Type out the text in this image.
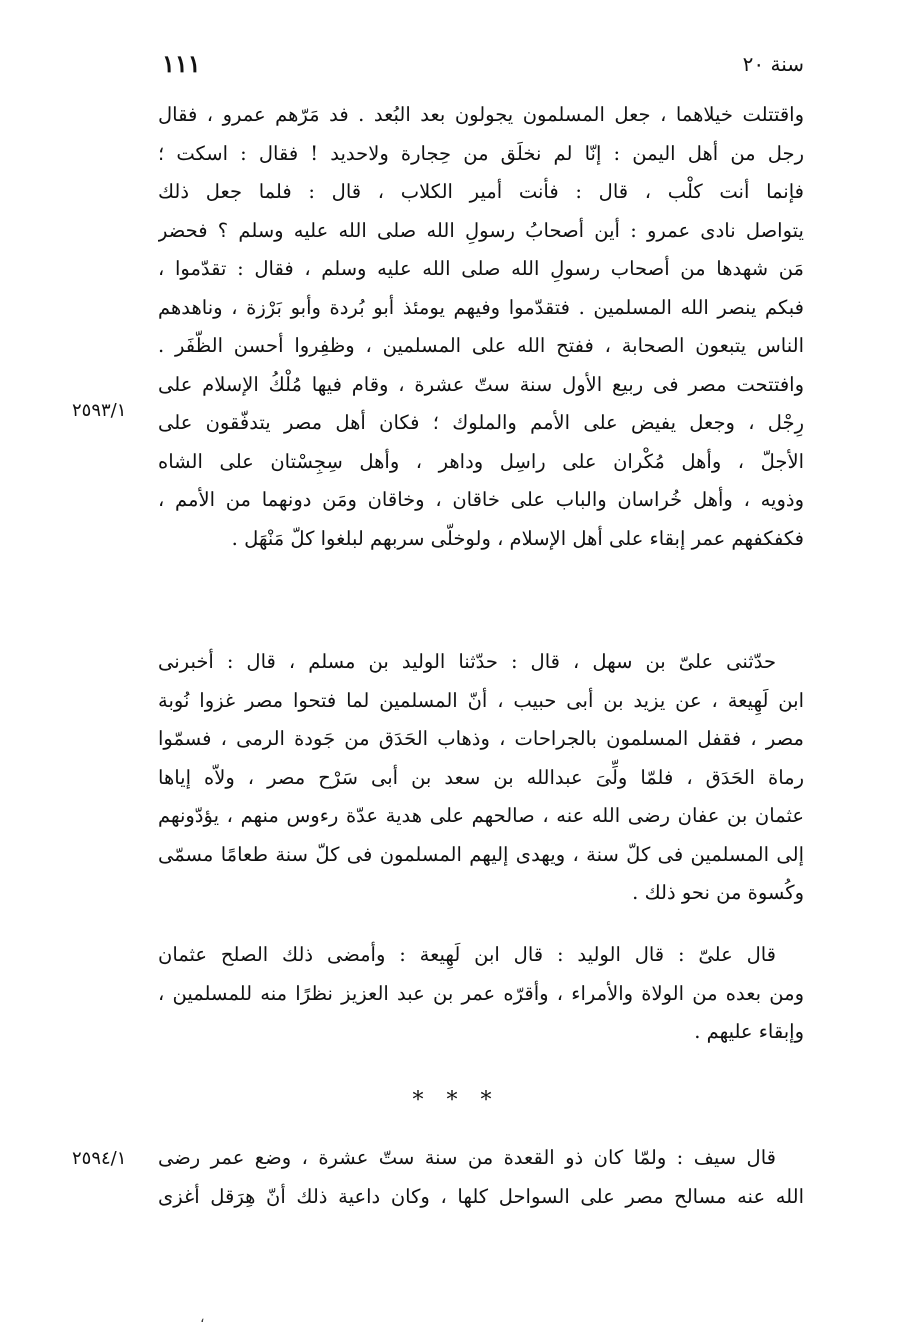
١١١	سنة ٢٠
واقتتلت خيلاهما ، جعل المسلمون يجولون بعد البُعد . فد مَرّهم عمرو ، فقال
رجل من أهل اليمن : إنّا لم نخلَق من حِجارة ولاحديد ! فقال : اسكت ؛
فإنما أنت كلْب ، قال : فأنت أمير الكلاب ، قال : فلما جعل ذلك
يتواصل نادى عمرو : أين أصحابُ رسولِ الله صلى الله عليه وسلم ؟ فحضر
مَن شهدها من أصحاب رسولِ الله صلى الله عليه وسلم ، فقال : تقدّموا ،
فبكم ينصر الله المسلمين . فتقدّموا وفيهم يومئذ أبو بُردة وأبو بَرْزة ، وناهدهم
الناس يتبعون الصحابة ، ففتح الله على المسلمين ، وظفِروا أحسن الظّفَر .
وافتتحت مصر فى ربيع الأول سنة ستّ عشرة ، وقام فيها مُلْكُ الإسلام على
رِجْل ، وجعل يفيض على الأمم والملوك ؛ فكان أهل مصر يتدفّقون على
الأجلّ ، وأهل مُكْران على راسِل وداهر ، وأهل سِجِسْتان على الشاه
وذويه ، وأهل خُراسان والباب على خاقان ، وخاقان ومَن دونهما من الأمم ،
فكفكفهم عمر إبقاء على أهل الإسلام ، ولوخلّى سربهم لبلغوا كلّ مَنْهَل .
٢٥٩٣/١
حدّثنى علىّ بن سهل ، قال : حدّثنا الوليد بن مسلم ، قال : أخبرنى
ابن لَهِيعة ، عن يزيد بن أبى حبيب ، أنّ المسلمين لما فتحوا مصر غزوا نُوبة
مصر ، فقفل المسلمون بالجراحات ، وذهاب الحَدَق من جَودة الرمى ، فسمّوا
رماة الحَدَق ، فلمّا ولِّىَ عبدالله بن سعد بن أبى سَرْح مصر ، ولاّه إياها
عثمان بن عفان رضى الله عنه ، صالحهم على هدية عدّة رءوس منهم ، يؤدّونهم
إلى المسلمين فى كلّ سنة ، ويهدى إليهم المسلمون فى كلّ سنة طعامًا مسمّى
وكُسوة من نحو ذلك .
قال علىّ : قال الوليد : قال ابن لَهِيعة : وأمضى ذلك الصلح عثمان
ومن بعده من الولاة والأمراء ، وأقرّه عمر بن عبد العزيز نظرًا منه للمسلمين ،
وإبقاء عليهم .
* * *
قال سيف : ولمّا كان ذو القعدة من سنة ستّ عشرة ، وضع عمر رضى
الله عنه مسالح مصر على السواحل كلها ، وكان داعية ذلك أنّ هِرَقل أغزى
٢٥٩٤/١
،
